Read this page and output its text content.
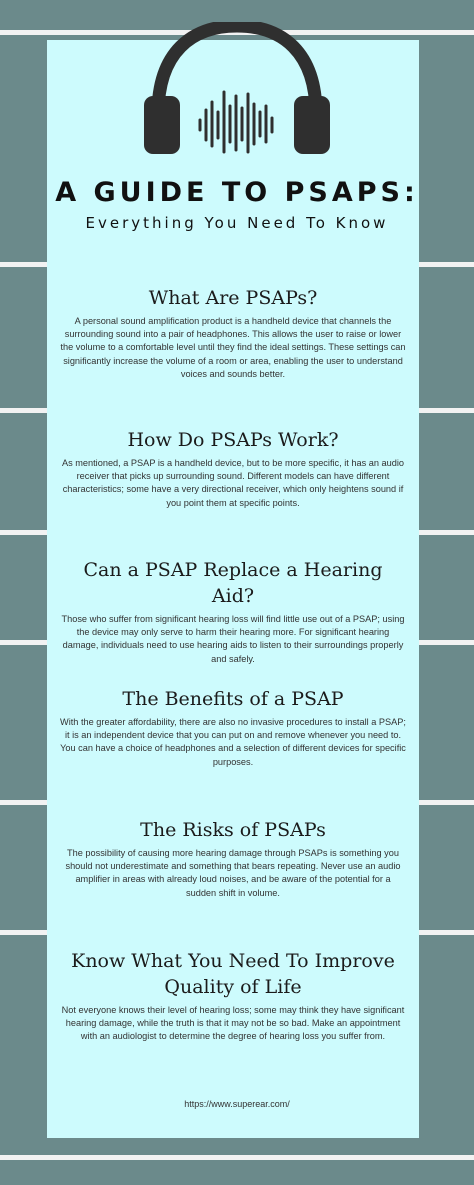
A GUIDE TO PSAPS:
Everything You Need To Know
What Are PSAPs?

A personal sound amplification product is a handheld device that channels the surrounding sound into a pair of headphones. This allows the user to raise or lower the volume to a comfortable level until they find the ideal settings. These settings can significantly increase the volume of a room or area, enabling the user to understand voices and sounds better.

How Do PSAPs Work?

As mentioned, a PSAP is a handheld device, but to be more specific, it has an audio receiver that picks up surrounding sound. Different models can have different characteristics; some have a very directional receiver, which only heightens sound if you point them at specific points.

Can a PSAP Replace a Hearing Aid?

Those who suffer from significant hearing loss will find little use out of a PSAP; using the device may only serve to harm their hearing more. For significant hearing damage, individuals need to use hearing aids to listen to their surroundings properly and safely.

The Benefits of a PSAP

With the greater affordability, there are also no invasive procedures to install a PSAP; it is an independent device that you can put on and remove whenever you need to. You can have a choice of headphones and a selection of different devices for specific purposes.

The Risks of PSAPs

The possibility of causing more hearing damage through PSAPs is something you should not underestimate and something that bears repeating. Never use an audio amplifier in areas with already loud noises, and be aware of the potential for a sudden shift in volume.

Know What You Need To Improve Quality of Life

Not everyone knows their level of hearing loss; some may think they have significant hearing damage, while the truth is that it may not be so bad. Make an appointment with an audiologist to determine the degree of hearing loss you suffer from.

https://www.superear.com/
